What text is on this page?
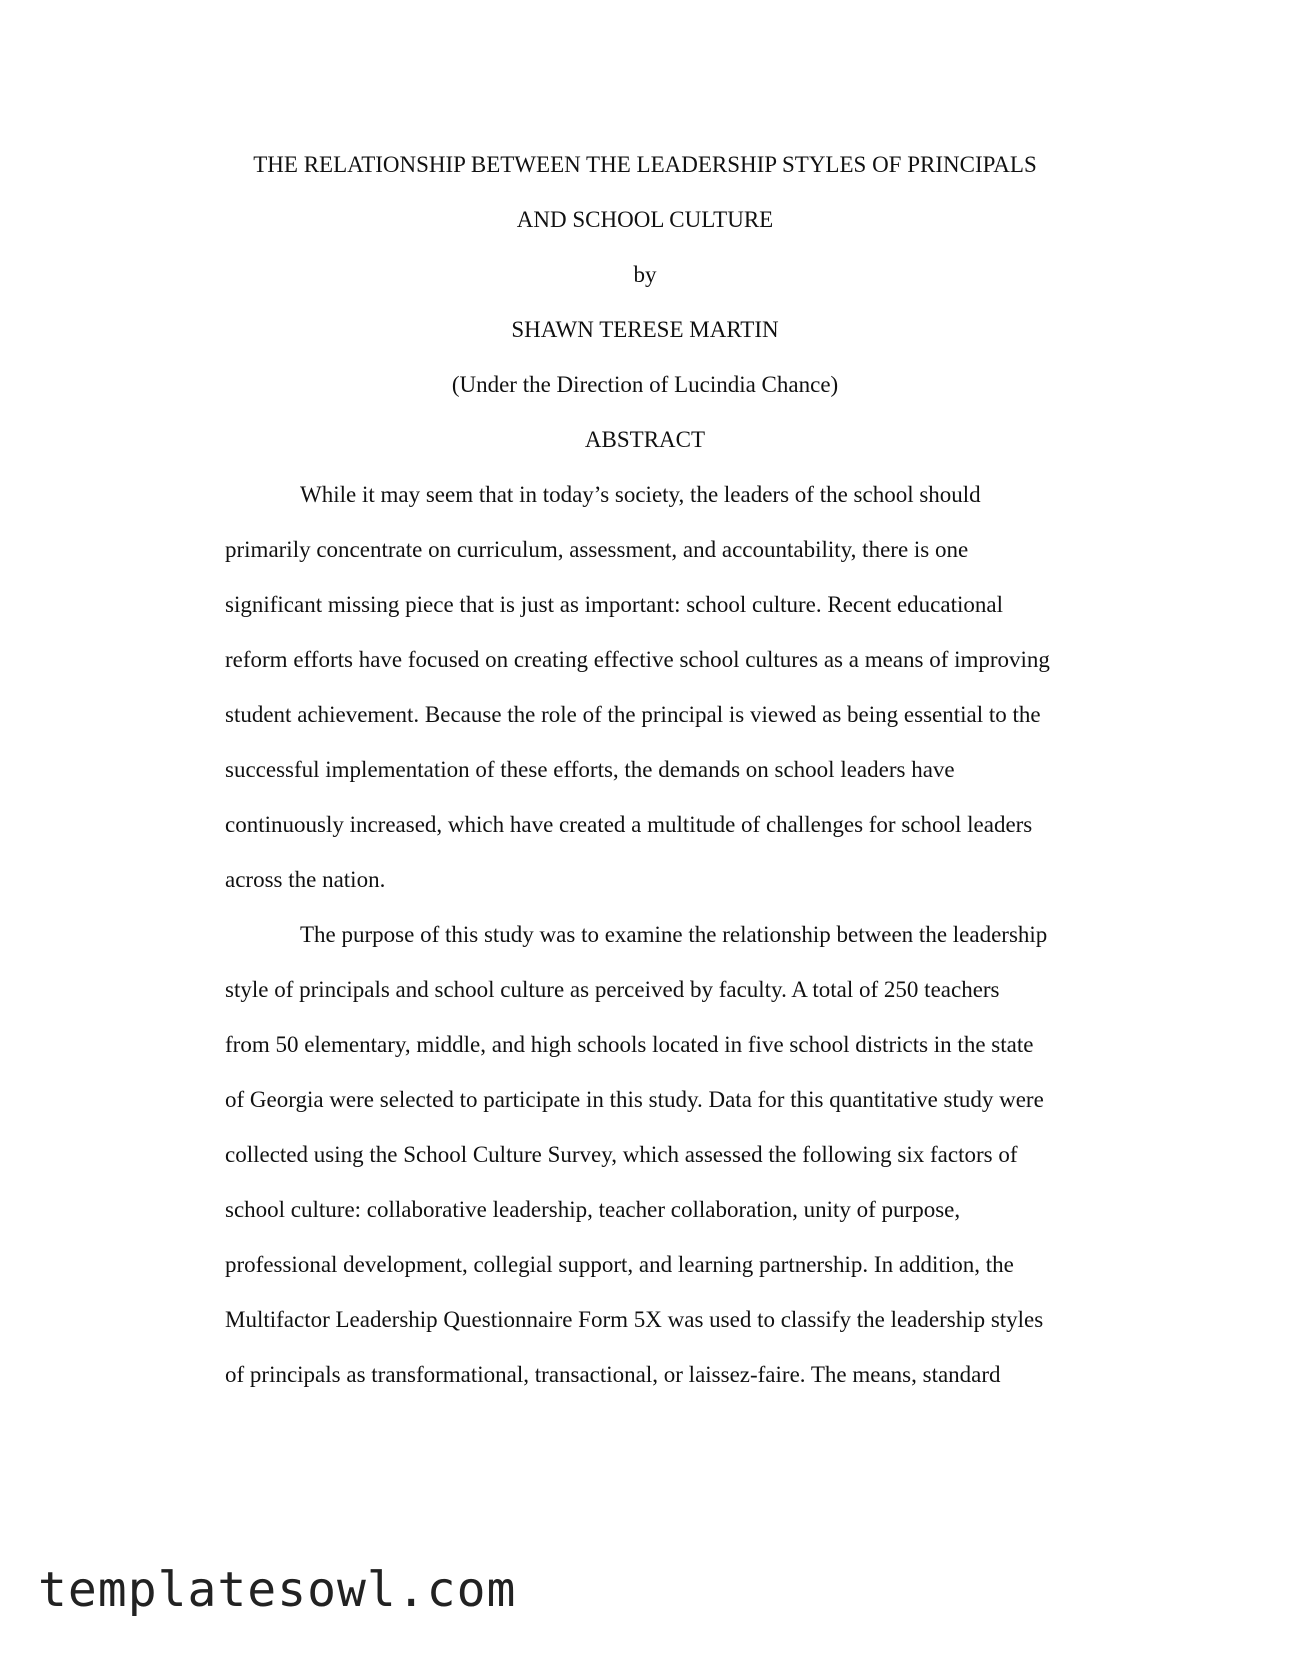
THE RELATIONSHIP BETWEEN THE LEADERSHIP STYLES OF PRINCIPALS
AND SCHOOL CULTURE
by
SHAWN TERESE MARTIN
(Under the Direction of Lucindia Chance)
ABSTRACT
While it may seem that in today’s society, the leaders of the school should
primarily concentrate on curriculum, assessment, and accountability, there is one
significant missing piece that is just as important: school culture. Recent educational
reform efforts have focused on creating effective school cultures as a means of improving
student achievement. Because the role of the principal is viewed as being essential to the
successful implementation of these efforts, the demands on school leaders have
continuously increased, which have created a multitude of challenges for school leaders
across the nation.
The purpose of this study was to examine the relationship between the leadership
style of principals and school culture as perceived by faculty. A total of 250 teachers
from 50 elementary, middle, and high schools located in five school districts in the state
of Georgia were selected to participate in this study. Data for this quantitative study were
collected using the School Culture Survey, which assessed the following six factors of
school culture: collaborative leadership, teacher collaboration, unity of purpose,
professional development, collegial support, and learning partnership. In addition, the
Multifactor Leadership Questionnaire Form 5X was used to classify the leadership styles
of principals as transformational, transactional, or laissez-faire. The means, standard
templatesowl.com
